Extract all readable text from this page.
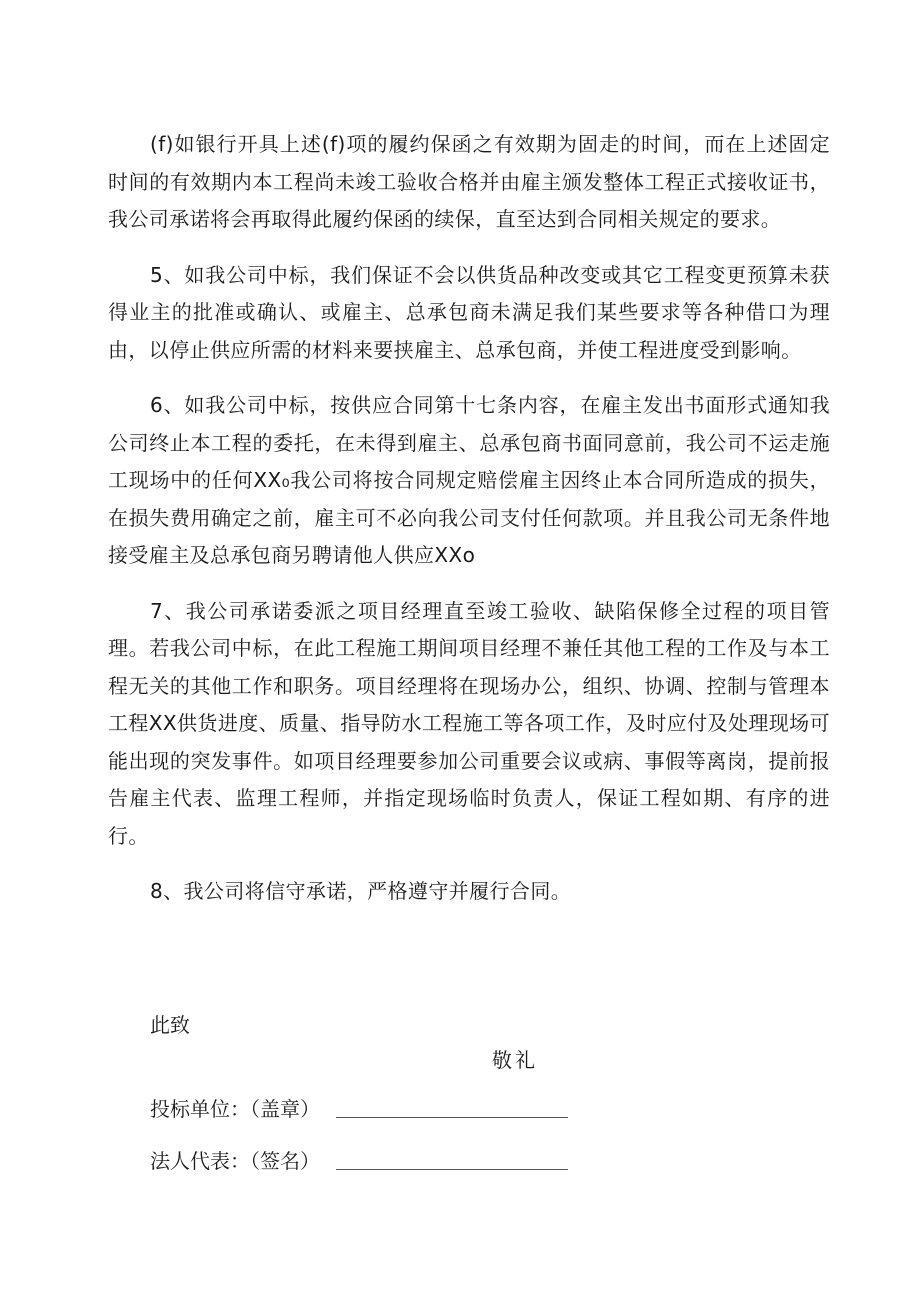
(f)如银行开具上述(f)项的履约保函之有效期为固走的时间，而在上述固定时间的有效期内本工程尚未竣工验收合格并由雇主颁发整体工程正式接收证书，我公司承诺将会再取得此履约保函的续保，直至达到合同相关规定的要求。

5、如我公司中标，我们保证不会以供货品种改变或其它工程变更预算未获得业主的批准或确认、或雇主、总承包商未满足我们某些要求等各种借口为理由，以停止供应所需的材料来要挟雇主、总承包商，并使工程进度受到影响。

6、如我公司中标，按供应合同第十七条内容，在雇主发出书面形式通知我公司终止本工程的委托，在未得到雇主、总承包商书面同意前，我公司不运走施工现场中的任何XX₀我公司将按合同规定赔偿雇主因终止本合同所造成的损失，在损失费用确定之前，雇主可不必向我公司支付任何款项。并且我公司无条件地接受雇主及总承包商另聘请他人供应XXo

7、我公司承诺委派之项目经理直至竣工验收、缺陷保修全过程的项目管理。若我公司中标，在此工程施工期间项目经理不兼任其他工程的工作及与本工程无关的其他工作和职务。项目经理将在现场办公，组织、协调、控制与管理本工程XX供货进度、质量、指导防水工程施工等各项工作，及时应付及处理现场可能出现的突发事件。如项目经理要参加公司重要会议或病、事假等离岗，提前报告雇主代表、监理工程师，并指定现场临时负责人，保证工程如期、有序的进行。

8、我公司将信守承诺，严格遵守并履行合同。

此致
敬礼
投标单位：（盖章）
法人代表：（签名）
